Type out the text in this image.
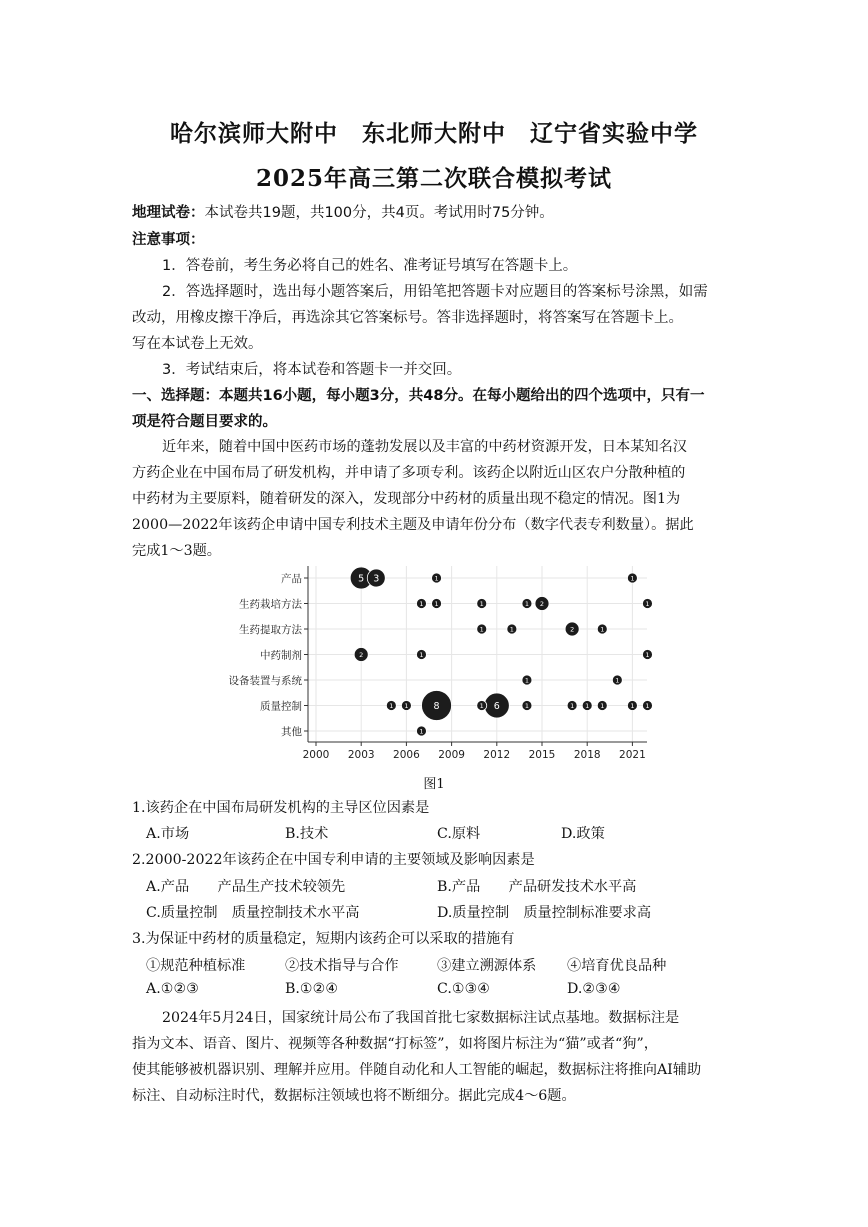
哈尔滨师大附中　东北师大附中　辽宁省实验中学
2025年高三第二次联合模拟考试
地理试卷：本试卷共19题，共100分，共4页。考试用时75分钟。
注意事项：
1．答卷前，考生务必将自己的姓名、准考证号填写在答题卡上。
2．答选择题时，选出每小题答案后，用铅笔把答题卡对应题目的答案标号涂黑，如需
改动，用橡皮擦干净后，再选涂其它答案标号。答非选择题时，将答案写在答题卡上。
写在本试卷上无效。
3．考试结束后，将本试卷和答题卡一并交回。
一、选择题：本题共16小题，每小题3分，共48分。在每小题给出的四个选项中，只有一
项是符合题目要求的。
近年来，随着中国中医药市场的蓬勃发展以及丰富的中药材资源开发，日本某知名汉
方药企业在中国布局了研发机构，并申请了多项专利。该药企以附近山区农户分散种植的
中药材为主要原料，随着研发的深入，发现部分中药材的质量出现不稳定的情况。图1为
2000—2022年该药企申请中国专利技术主题及申请年份分布（数字代表专利数量）。据此
完成1～3题。
产品
生药栽培方法
生药提取方法
中药制剂
设备装置与系统
质量控制
其他
2000 2003 2006 2009 2012 2015 2018 2021
8	6
5 3
2
2
2
1	1
1 1	1	1	1
1	1	1
1	1
1	1
1 1	1	1	1 1 1	1 1
1
图1
1.该药企在中国布局研发机构的主导区位因素是
A.市场	B.技术	C.原料	D.政策
2.2000-2022年该药企在中国专利申请的主要领域及影响因素是
A.产品　　产品生产技术较领先	B.产品　　产品研发技术水平高
C.质量控制　质量控制技术水平高	D.质量控制　质量控制标准要求高
3.为保证中药材的质量稳定，短期内该药企可以采取的措施有
①规范种植标准	②技术指导与合作	③建立溯源体系 ④培育优良品种
A.①②③	B.①②④	C.①③④	D.②③④
2024年5月24日，国家统计局公布了我国首批七家数据标注试点基地。数据标注是
指为文本、语音、图片、视频等各种数据“打标签”，如将图片标注为“猫”或者“狗”，
使其能够被机器识别、理解并应用。伴随自动化和人工智能的崛起，数据标注将推向AI辅助
标注、自动标注时代，数据标注领域也将不断细分。据此完成4～6题。
